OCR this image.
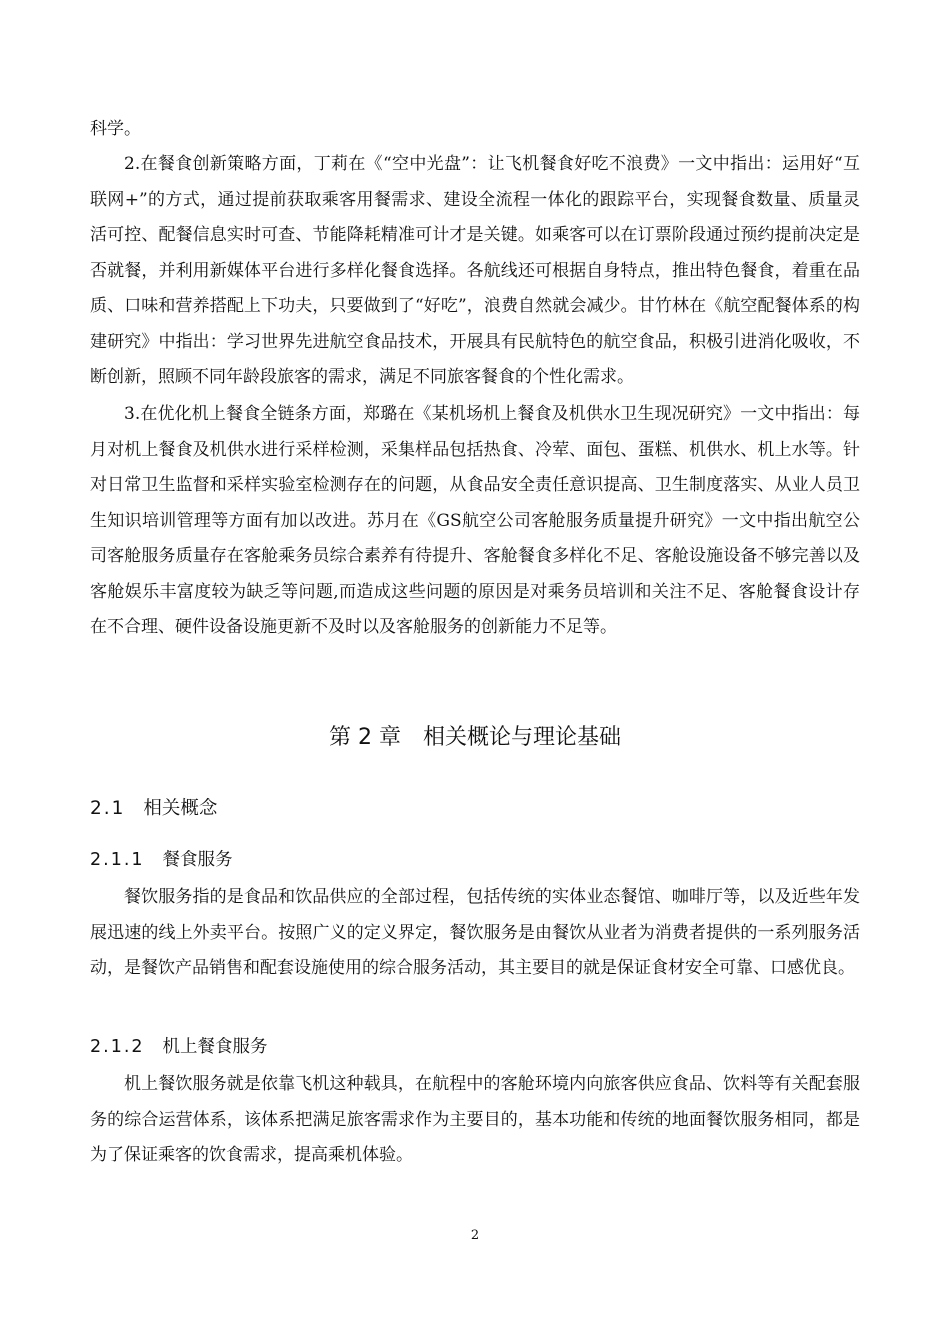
科学。

2.在餐食创新策略方面，丁莉在《“空中光盘”：让飞机餐食好吃不浪费》一文中指出：运用好“互联网+”的方式，通过提前获取乘客用餐需求、建设全流程一体化的跟踪平台，实现餐食数量、质量灵活可控、配餐信息实时可查、节能降耗精准可计才是关键。如乘客可以在订票阶段通过预约提前决定是否就餐，并利用新媒体平台进行多样化餐食选择。各航线还可根据自身特点，推出特色餐食，着重在品质、口味和营养搭配上下功夫，只要做到了“好吃”，浪费自然就会减少。甘竹林在《航空配餐体系的构建研究》中指出：学习世界先进航空食品技术，开展具有民航特色的航空食品，积极引进消化吸收，不断创新，照顾不同年龄段旅客的需求，满足不同旅客餐食的个性化需求。

3.在优化机上餐食全链条方面，郑璐在《某机场机上餐食及机供水卫生现况研究》一文中指出：每月对机上餐食及机供水进行采样检测，采集样品包括热食、冷荤、面包、蛋糕、机供水、机上水等。针对日常卫生监督和采样实验室检测存在的问题，从食品安全责任意识提高、卫生制度落实、从业人员卫生知识培训管理等方面有加以改进。苏月在《GS航空公司客舱服务质量提升研究》一文中指出航空公司客舱服务质量存在客舱乘务员综合素养有待提升、客舱餐食多样化不足、客舱设施设备不够完善以及客舱娱乐丰富度较为缺乏等问题,而造成这些问题的原因是对乘务员培训和关注不足、客舱餐食设计存在不合理、硬件设备设施更新不及时以及客舱服务的创新能力不足等。

第 2 章　相关概论与理论基础
2.1 相关概念
2.1.1 餐食服务

餐饮服务指的是食品和饮品供应的全部过程，包括传统的实体业态餐馆、咖啡厅等，以及近些年发展迅速的线上外卖平台。按照广义的定义界定，餐饮服务是由餐饮从业者为消费者提供的一系列服务活动，是餐饮产品销售和配套设施使用的综合服务活动，其主要目的就是保证食材安全可靠、口感优良。

2.1.2 机上餐食服务

机上餐饮服务就是依靠飞机这种载具，在航程中的客舱环境内向旅客供应食品、饮料等有关配套服务的综合运营体系，该体系把满足旅客需求作为主要目的，基本功能和传统的地面餐饮服务相同，都是为了保证乘客的饮食需求，提高乘机体验。

2
